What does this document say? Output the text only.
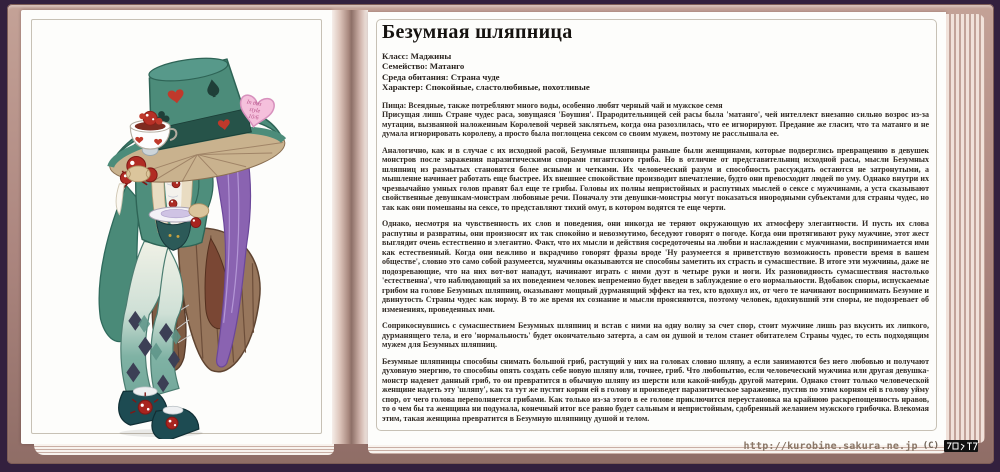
In this
style
10/6
Безумная шляпница
Класс: Маджины
Семейство: Матанго
Среда обитания: Страна чуде
Характер: Спокойные, сластолюбивые, похотливые

Пища: Всеядные, также потребляют много воды, особенно любят черный чай и мужское семя

Присущая лишь Стране чудес раса, зовущаяся 'Боушия'. Прародительницей сей расы была 'матанго', чей интеллект внезапно сильно возрос из-за мутации, вызванной наложенным Королевой червей заклятьем, когда она разозлилась, что ее игнорируют. Предание же гласит, что та матанго и не думала игнорировать королеву, а просто была поглощена сексом со своим мужем, поэтому не расслышала ее.

Аналогично, как и в случае с их исходной расой, Безумные шляпницы раньше были женщинами, которые подверглись превращению в девушек монстров после заражения паразитическими спорами гигантского гриба. Но в отличие от представительниц исходной расы, мысли Безумных шляпниц из размытых становятся более ясными и четкими. Их человеческий разум и способность рассуждать остаются не затронутыми, а мышление начинает работать еще быстрее. Их внешнее спокойствие производит впечатление, будто они превосходит людей по уму. Однако внутри их чрезвычайно умных голов правят бал еще те грибы. Головы их полны непристойных и распутных мыслей о сексе с мужчинами, а уста сказывают свойственные девушкам-монстрам любовные речи. Поначалу эти девушки-монстры могут показаться инородными субъектами для страны чудес, но так как они помешаны на сексе, то представляют тихий омут, в котором водятся те еще черти.

Однако, несмотря на чувственность их слов и поведения, они никогда не теряют окружающую их атмосферу элегантности. И пусть их слова распутны и развратны, они произносят их так спокойно и невозмутимо, беседуют говорят о погоде. Когда они протягивают руку мужчине, этот жест выглядит очень естественно и элегантно. Факт, что их мысли и действия сосредоточены на любви и наслаждении с мужчинами, воспринимается ими как естественный. Когда они вежливо и вкрадчиво говорят фразы вроде 'Ну разумеется я приветствую возможность провести время в вашем обществе', словно это само собой разумеется, мужчины оказываются не способны заметить их страсть и сумасшествие. В итоге эти мужчины, даже не подозревающие, что на них вот-вот нападут, начинают играть с ними дуэт в четыре руки и ноги. Их разновидность сумасшествия настолько 'естественна', что наблюдающий за их поведением человек непременно будет введен в заблуждение о его нормальности. Вдобавок споры, испускаемые грибом на голове Безумных шляпниц, оказывают мощный дурманящий эффект на тех, кто вдохнул их, от чего те начинают воспринимать Безумие и двинутость Страны чудес как норму. В то же время их сознание и мысли проясняются, поэтому человек, вдохнувший эти споры, не подозревает об изменениях, проведенных ими.

Соприкоснувшись с сумасшествием Безумных шляпниц и встав с ними на одну волну за счет спор, стоит мужчине лишь раз вкусить их липкого, дурманящего тела, и его 'нормальность' будет окончательно затерта, а сам он душой и телом станет обитателем Страны чудес, то есть подходящим мужем для Безумных шляпниц.

Безумные шляпницы способны снимать большой гриб, растущий у них на головах словно шляпу, а если занимаются без него любовью и получают духовную энергию, то способны опять создать себе новую шляпу или, точнее, гриб. Что любопытно, если человеческий мужчина или другая девушка-монстр наденет данный гриб, то он превратится в обычную шляпу из шерсти или какой-нибудь другой материи. Однако стоит только человеческой женщине надеть эту 'шляпу', как та тут же пустит корни ей в голову и произведет паразитическое заражение, пустив по этим корням ей в голову уйму спор, от чего голова переполняется грибами. Как только из-за этого в ее голове приключится переустановка на крайнюю раскрепощенность нравов, то о чем бы та женщина ни подумала, конечный итог все равно будет сальным и непристойным, сдобренный желанием мужского грибочка. Влекомая этим, такая женщина превратится в Безумную шляпницу душой и телом.

http://kurobine.sakura.ne.jp (C)
